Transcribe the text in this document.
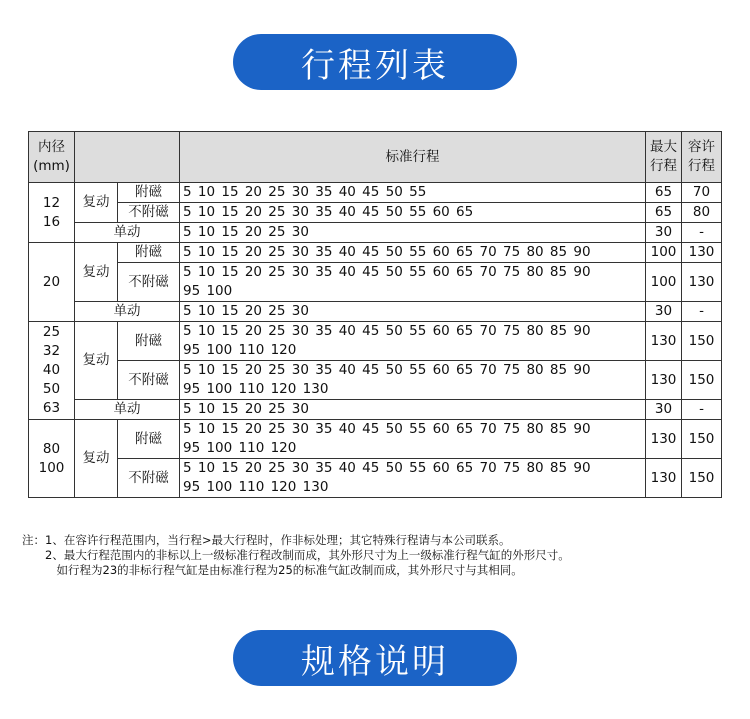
行程列表
内径
(mm)			标准行程	最大
行程	容许
行程
12
16	复动	附磁	5 10 15 20 25 30 35 40 45 50 55	65	70
		不附磁	5 10 15 20 25 30 35 40 45 50 55 60 65	65	80
	单动		5 10 15 20 25 30	30	-
20	复动	附磁	5 10 15 20 25 30 35 40 45 50 55 60 65 70 75 80 85 90	100	130
		不附磁	5 10 15 20 25 30 35 40 45 50 55 60 65 70 75 80 85 90
95 100	100	130
	单动		5 10 15 20 25 30	30	-
25
32
40
50
63	复动	附磁	5 10 15 20 25 30 35 40 45 50 55 60 65 70 75 80 85 90
95 100 110 120	130	150
		不附磁	5 10 15 20 25 30 35 40 45 50 55 60 65 70 75 80 85 90
95 100 110 120 130	130	150
	单动		5 10 15 20 25 30	30	-
80
100	复动	附磁	5 10 15 20 25 30 35 40 45 50 55 60 65 70 75 80 85 90
95 100 110 120	130	150
		不附磁	5 10 15 20 25 30 35 40 45 50 55 60 65 70 75 80 85 90
95 100 110 120 130	130	150
注：1、在容许行程范围内，当行程>最大行程时，作非标处理；其它特殊行程请与本公司联系。
　　2、最大行程范围内的非标以上一级标准行程改制而成，其外形尺寸为上一级标准行程气缸的外形尺寸。
　　　如行程为23的非标行程气缸是由标准行程为25的标准气缸改制而成，其外形尺寸与其相同。
规格说明
